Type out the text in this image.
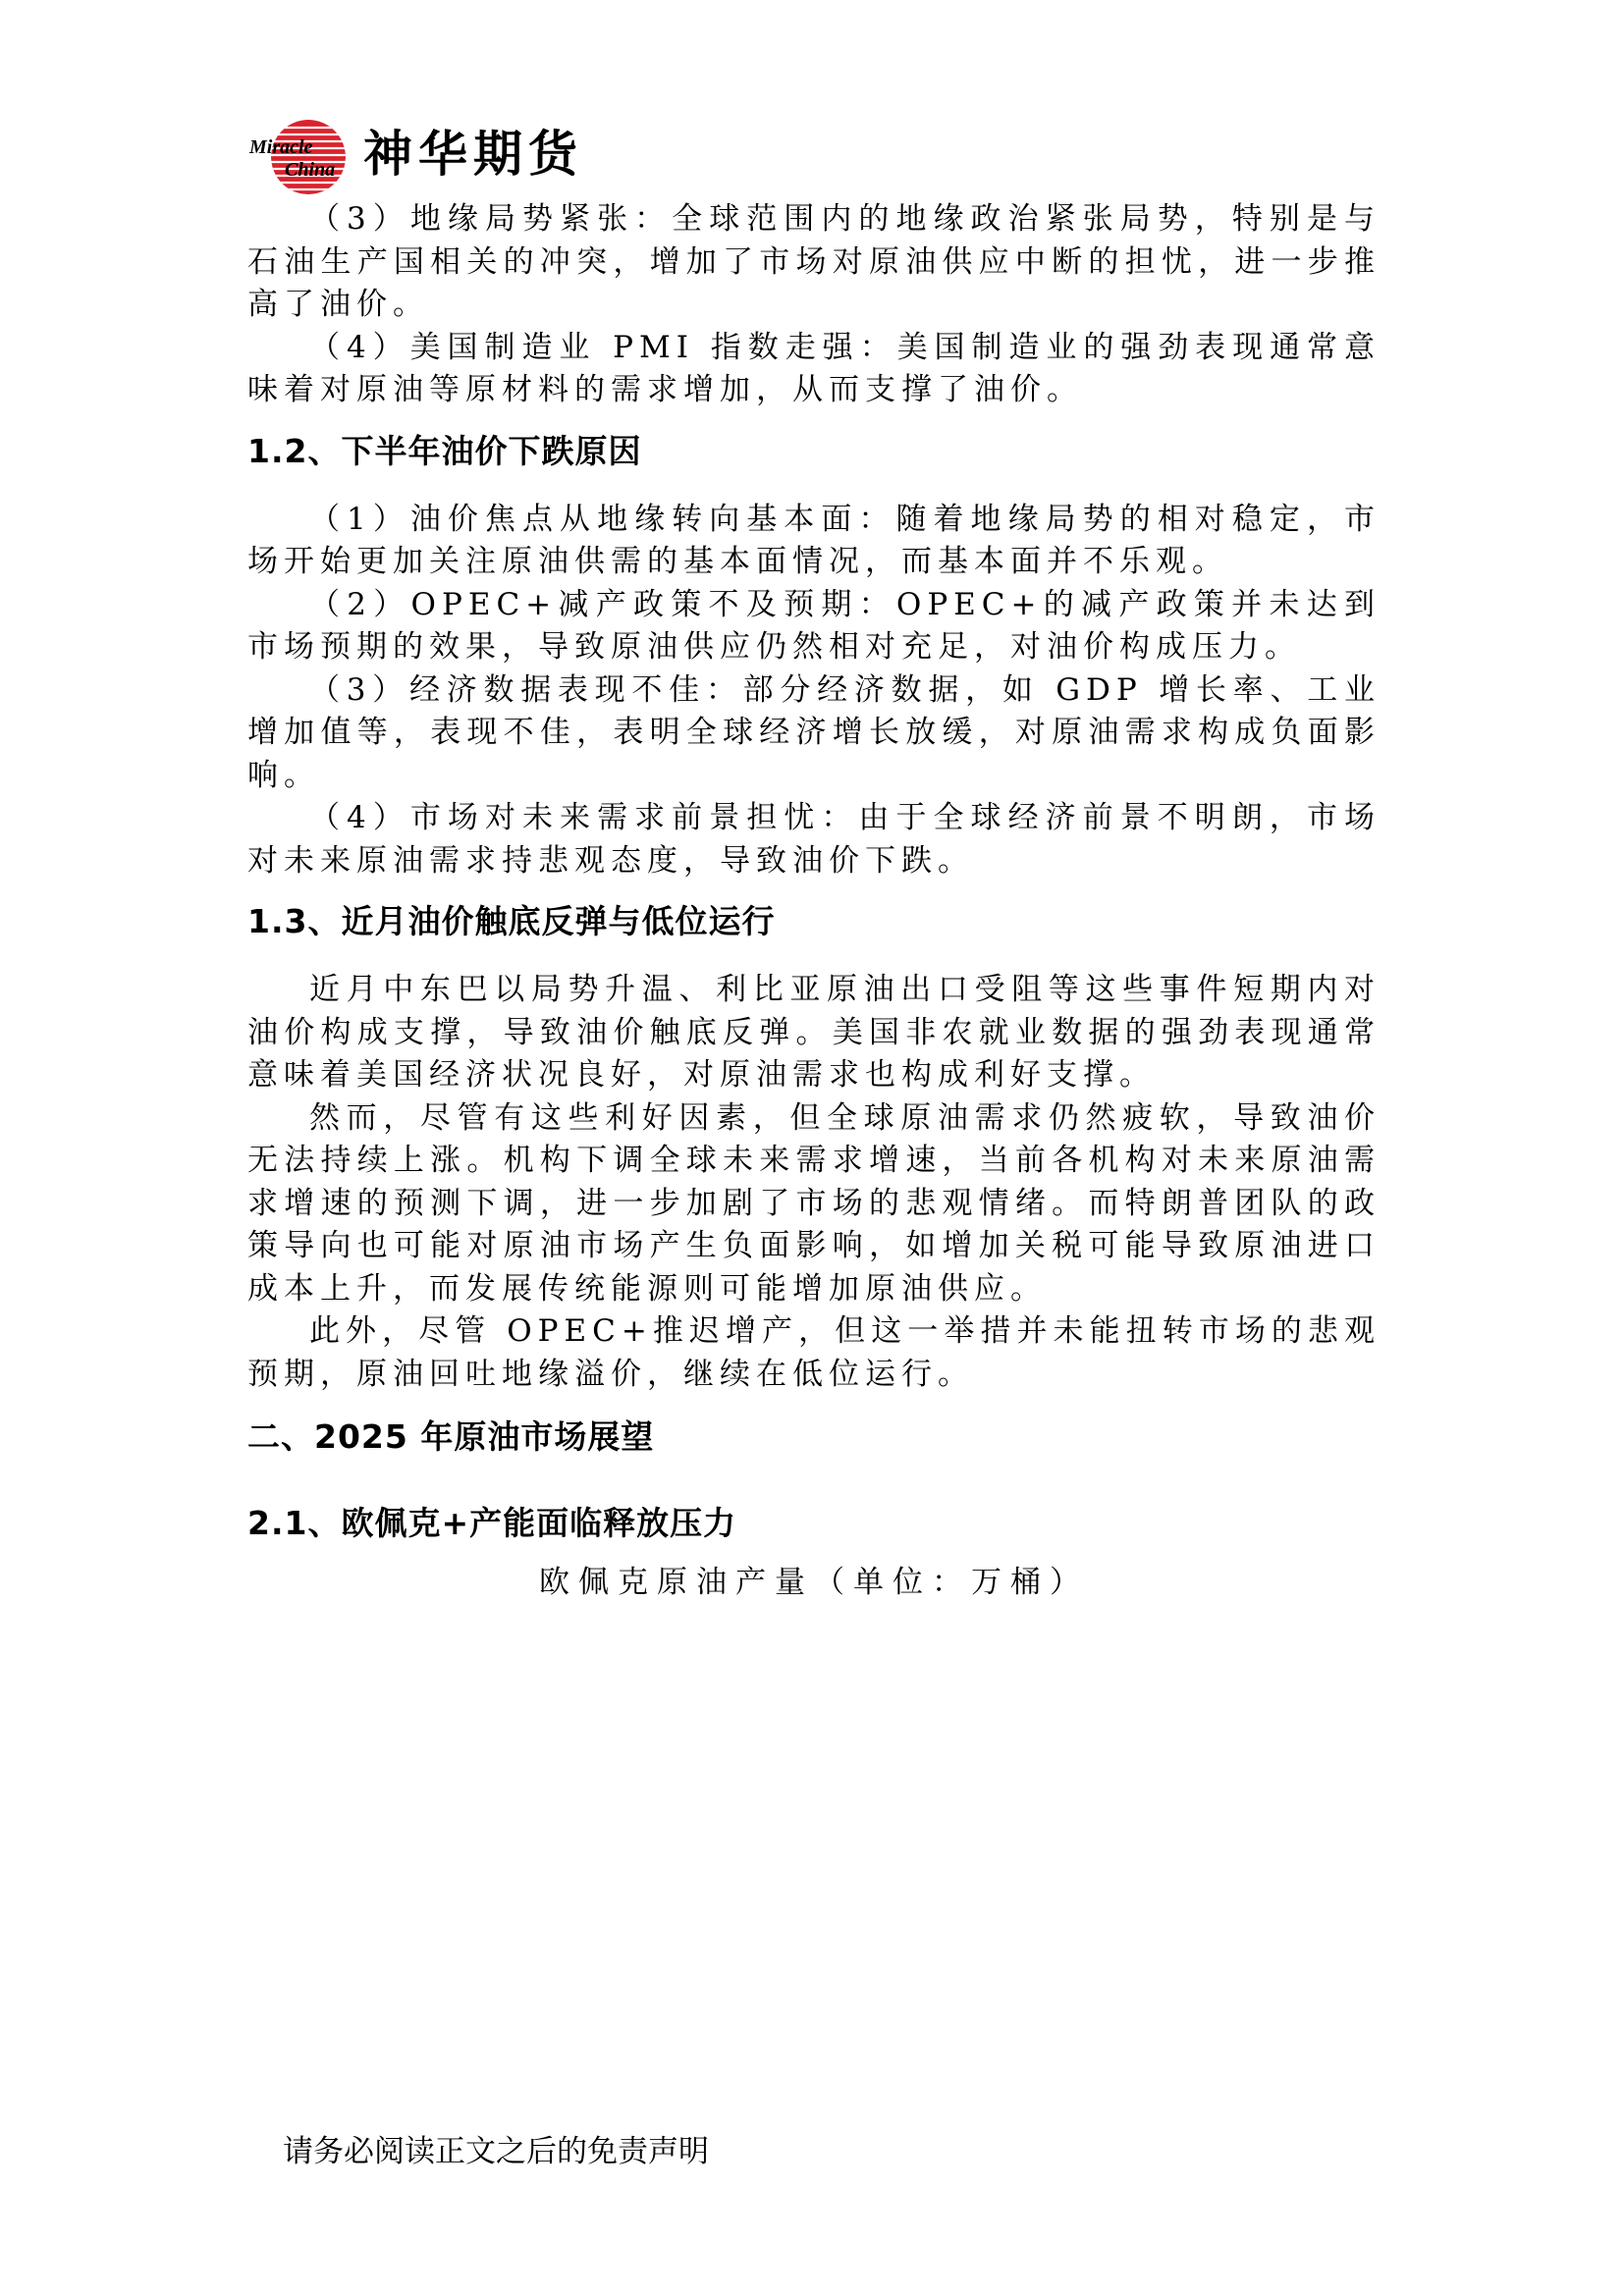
Miracle
China 神华期货

（3）地缘局势紧张：全球范围内的地缘政治紧张局势，特别是与石油生产国相关的冲突，增加了市场对原油供应中断的担忧，进一步推高了油价。

（4）美国制造业 PMI 指数走强：美国制造业的强劲表现通常意味着对原油等原材料的需求增加，从而支撑了油价。

1.2、下半年油价下跌原因

（1）油价焦点从地缘转向基本面：随着地缘局势的相对稳定，市场开始更加关注原油供需的基本面情况，而基本面并不乐观。

（2）OPEC+减产政策不及预期：OPEC+的减产政策并未达到市场预期的效果，导致原油供应仍然相对充足，对油价构成压力。

（3）经济数据表现不佳：部分经济数据，如 GDP 增长率、工业增加值等，表现不佳，表明全球经济增长放缓，对原油需求构成负面影响。

（4）市场对未来需求前景担忧：由于全球经济前景不明朗，市场对未来原油需求持悲观态度，导致油价下跌。

1.3、近月油价触底反弹与低位运行

近月中东巴以局势升温、利比亚原油出口受阻等这些事件短期内对油价构成支撑，导致油价触底反弹。美国非农就业数据的强劲表现通常意味着美国经济状况良好，对原油需求也构成利好支撑。

然而，尽管有这些利好因素，但全球原油需求仍然疲软，导致油价无法持续上涨。机构下调全球未来需求增速，当前各机构对未来原油需求增速的预测下调，进一步加剧了市场的悲观情绪。而特朗普团队的政策导向也可能对原油市场产生负面影响，如增加关税可能导致原油进口成本上升，而发展传统能源则可能增加原油供应。

此外，尽管 OPEC+推迟增产，但这一举措并未能扭转市场的悲观预期，原油回吐地缘溢价，继续在低位运行。

二、2025 年原油市场展望
2.1、欧佩克+产能面临释放压力

欧佩克原油产量（单位：万桶）

请务必阅读正文之后的免责声明
